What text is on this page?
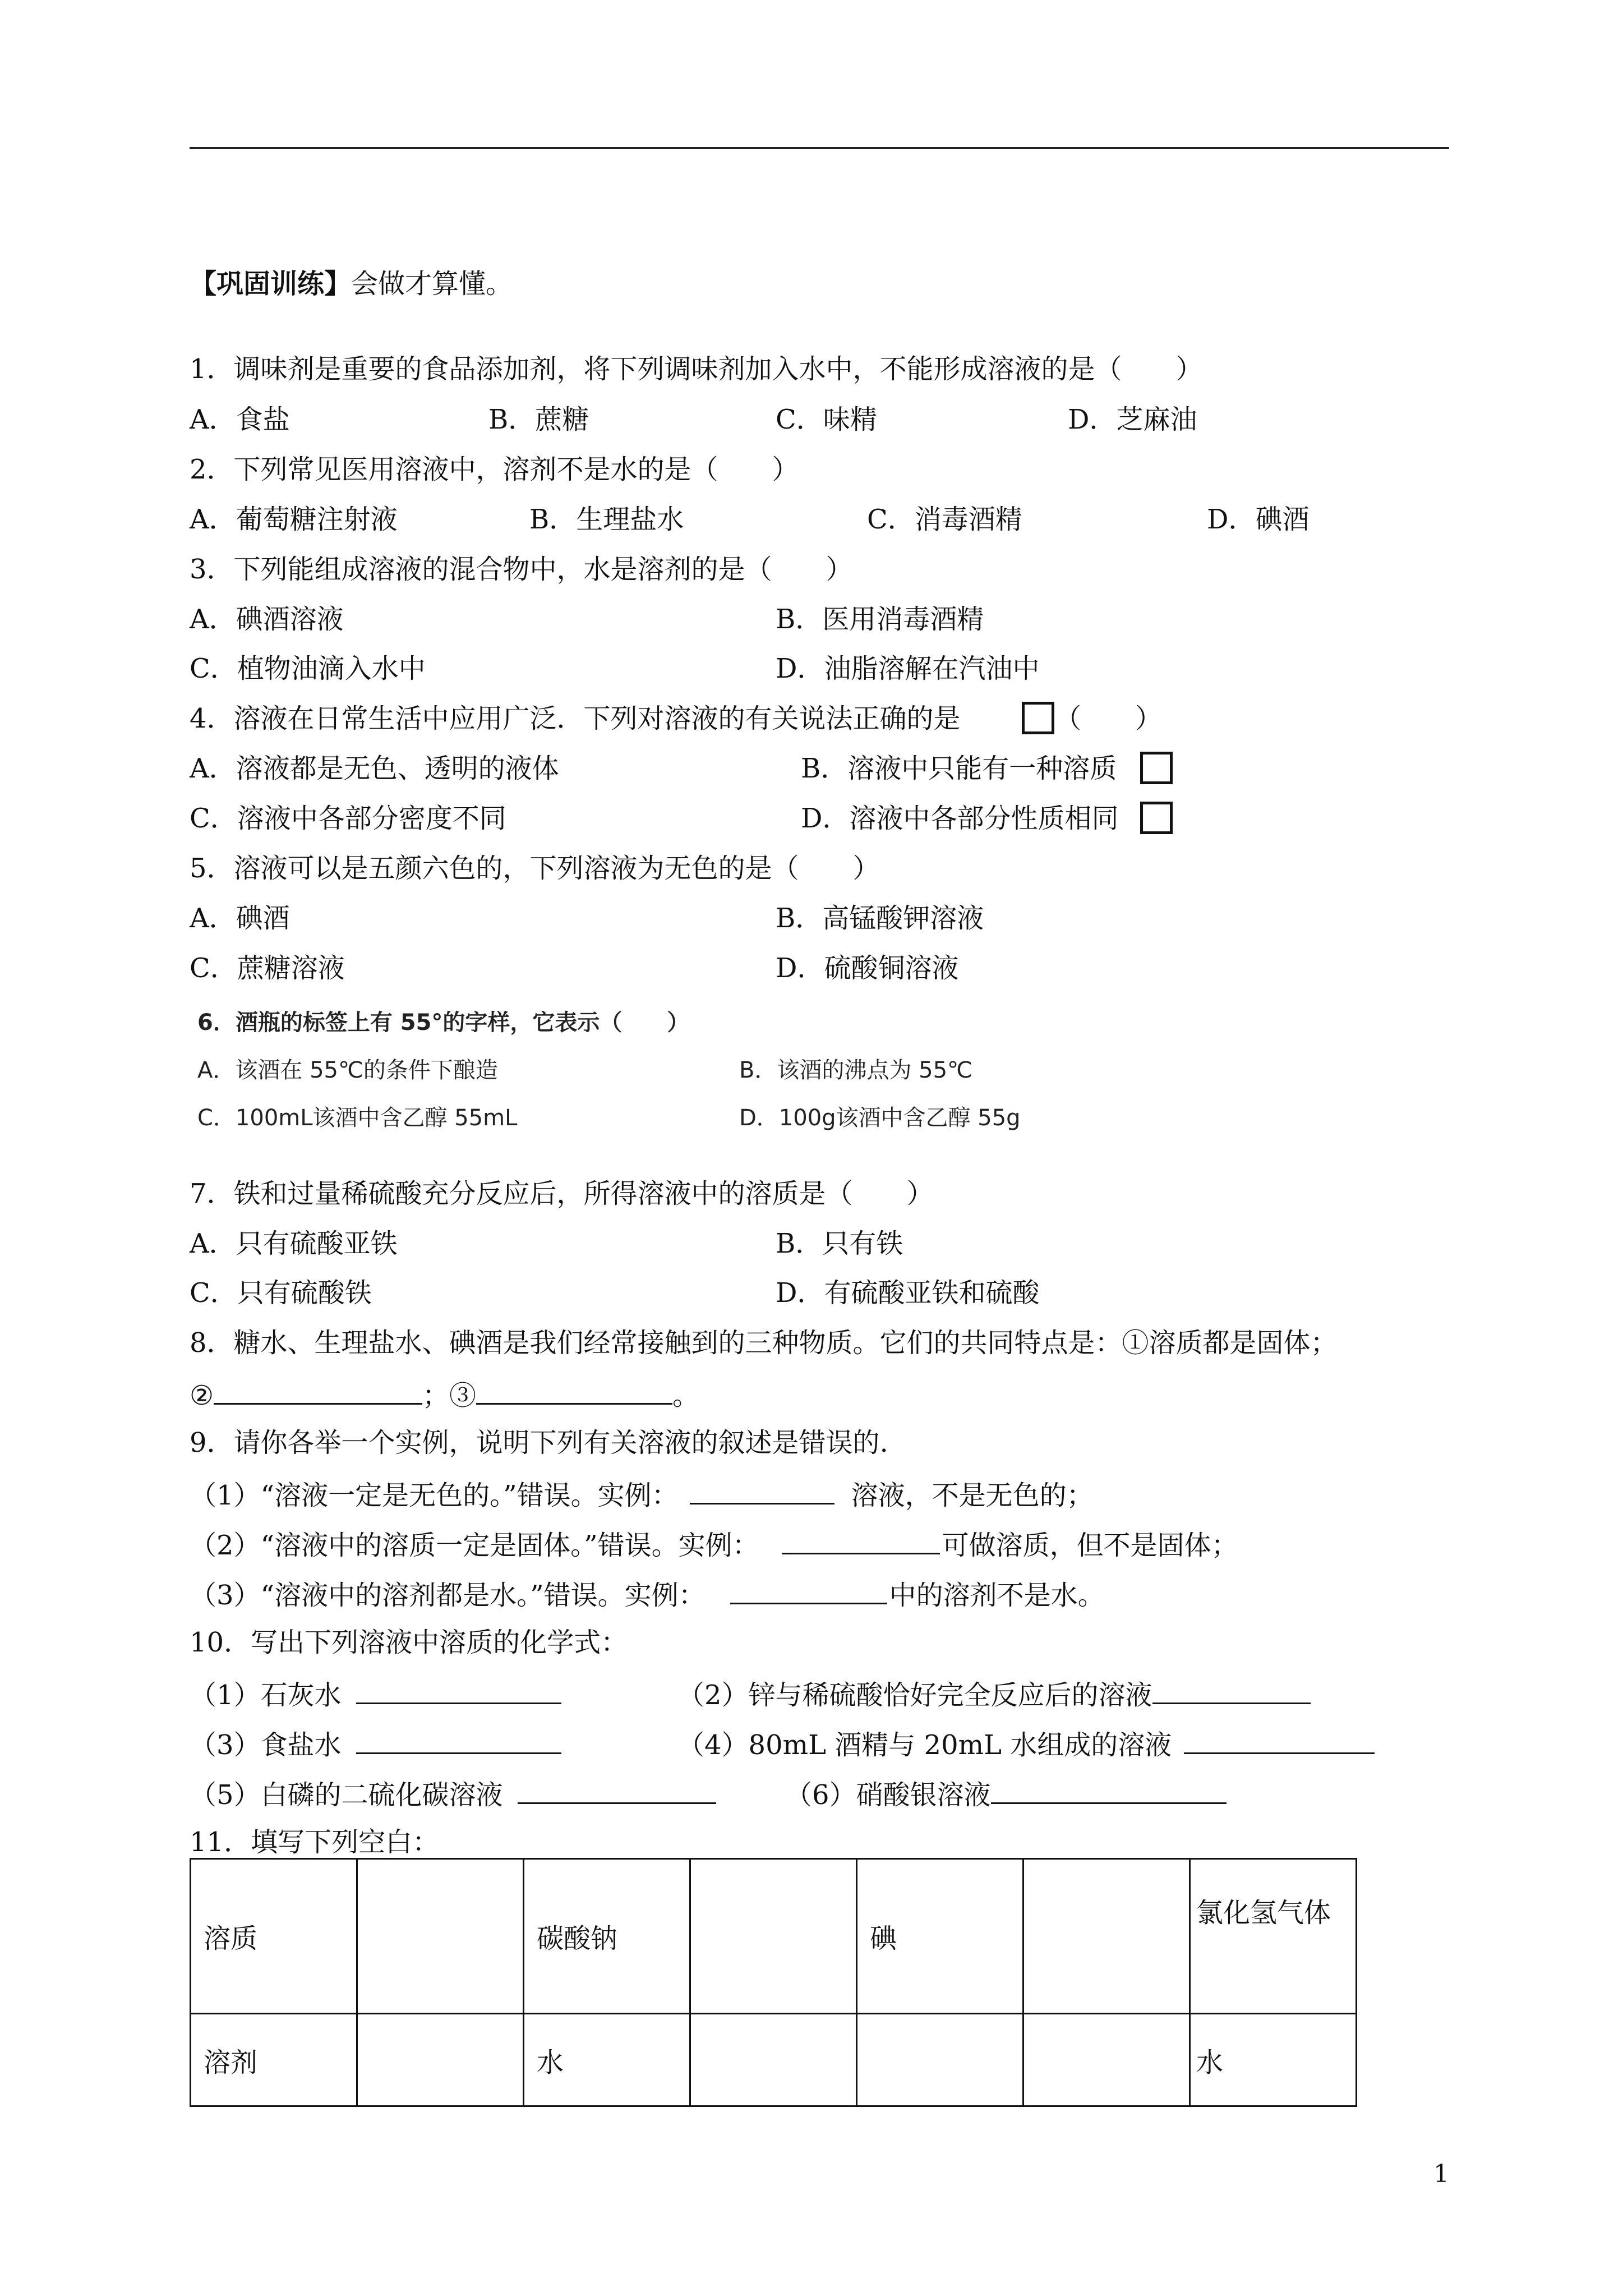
【巩固训练】会做才算懂。
1．调味剂是重要的食品添加剂，将下列调味剂加入水中，不能形成溶液的是（　　）
A．食盐	B．蔗糖	C．味精	D．芝麻油
2．下列常见医用溶液中，溶剂不是水的是（　　）
A．葡萄糖注射液	B．生理盐水	C．消毒酒精	D．碘酒
3．下列能组成溶液的混合物中，水是溶剂的是（　　）
A．碘酒溶液	B．医用消毒酒精
C．植物油滴入水中	D．油脂溶解在汽油中
4．溶液在日常生活中应用广泛．下列对溶液的有关说法正确的是	（　　）
A．溶液都是无色、透明的液体	B．溶液中只能有一种溶质
C．溶液中各部分密度不同	D．溶液中各部分性质相同
5．溶液可以是五颜六色的，下列溶液为无色的是（　　）
A．碘酒	B．高锰酸钾溶液
C．蔗糖溶液	D．硫酸铜溶液
6．酒瓶的标签上有 55°的字样，它表示（　　）
A．该酒在 55℃的条件下酿造	B．该酒的沸点为 55℃
C．100mL该酒中含乙醇 55mL	D．100g该酒中含乙醇 55g
7．铁和过量稀硫酸充分反应后，所得溶液中的溶质是（　　）
A．只有硫酸亚铁	B．只有铁
C．只有硫酸铁	D．有硫酸亚铁和硫酸
8．糖水、生理盐水、碘酒是我们经常接触到的三种物质。它们的共同特点是：①溶质都是固体；
②	；③	。
9．请你各举一个实例，说明下列有关溶液的叙述是错误的.
（1）“溶液一定是无色的。”错误。实例：	溶液，不是无色的；
（2）“溶液中的溶质一定是固体。”错误。实例：	可做溶质，但不是固体；
（3）“溶液中的溶剂都是水。”错误。实例：	中的溶剂不是水。
10．写出下列溶液中溶质的化学式：
（1）石灰水	（2）锌与稀硫酸恰好完全反应后的溶液
（3）食盐水	（4）80mL 酒精与 20mL 水组成的溶液
（5）白磷的二硫化碳溶液	（6）硝酸银溶液
11．填写下列空白：
溶质		碳酸钠		碘		氯化氢气体
溶剂		水				水
1
